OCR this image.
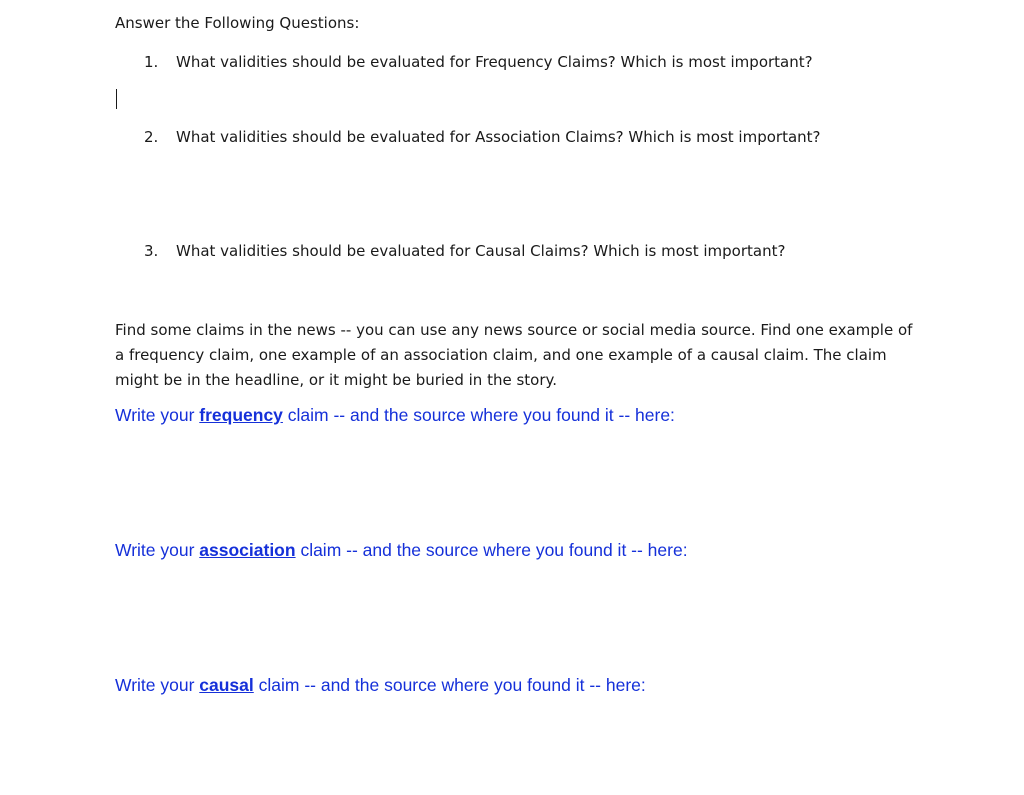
Answer the Following Questions:
1. What validities should be evaluated for Frequency Claims? Which is most important?
2. What validities should be evaluated for Association Claims? Which is most important?
3. What validities should be evaluated for Causal Claims? Which is most important?
Find some claims in the news -- you can use any news source or social media source. Find one example of a frequency claim, one example of an association claim, and one example of a causal claim. The claim might be in the headline, or it might be buried in the story.
Write your frequency claim -- and the source where you found it -- here:
Write your association claim -- and the source where you found it -- here:
Write your causal claim -- and the source where you found it -- here:
